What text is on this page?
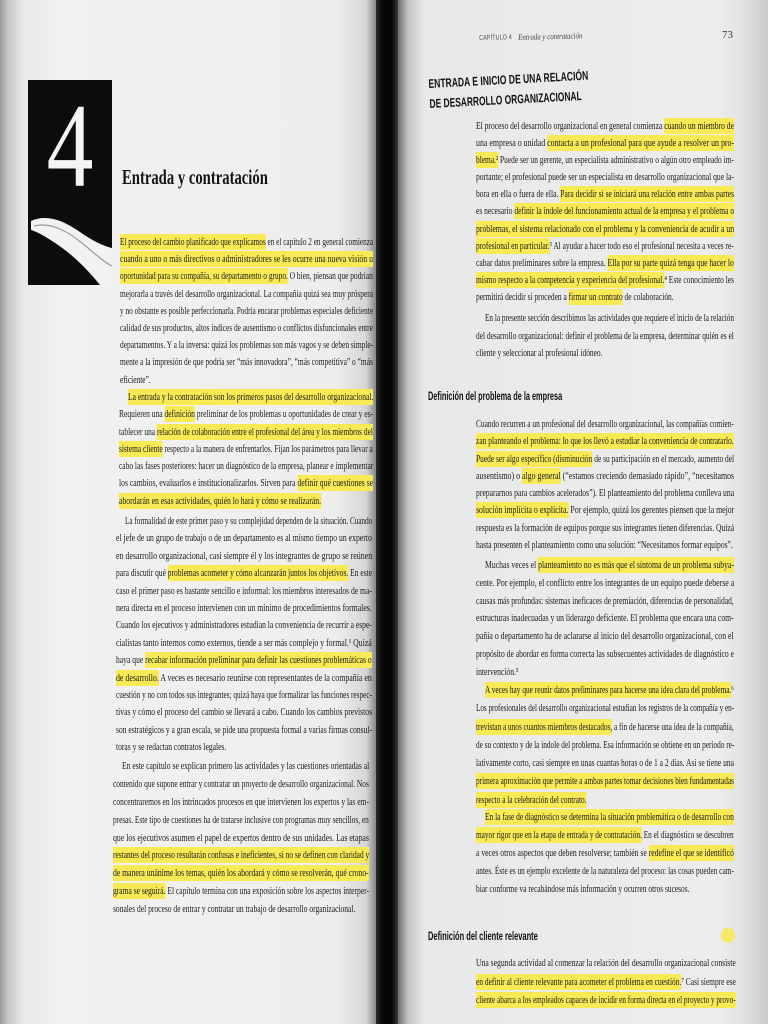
4 Entrada y contratación
El proceso del cambio planificado que explicamos en el capítulo 2 en general comienza
cuando a uno o más directivos o administradores se les ocurre una nueva visión u
oportunidad para su compañía, su departamento o grupo. O bien, piensan que podrían
mejorarla a través del desarrollo organizacional. La compañía quizá sea muy próspera
y no obstante es posible perfeccionarla. Podría encarar problemas especiales deficiente
calidad de sus productos, altos índices de ausentismo o conflictos disfuncionales entre
departamentos. Y a la inversa: quizá los problemas son más vagos y se deben simple-
mente a la impresión de que podría ser “más innovadora”, “más competitiva” o “más
eficiente”.
La entrada y la contratación son los primeros pasos del desarrollo organizacional.
Requieren una definición preliminar de los problemas u oportunidades de crear y es-
tablecer una relación de colaboración entre el profesional del área y los miembros del
sistema cliente respecto a la manera de enfrentarlos. Fijan los parámetros para llevar a
cabo las fases posteriores: hacer un diagnóstico de la empresa, planear e implementar
los cambios, evaluarlos e institucionalizarlos. Sirven para definir qué cuestiones se
abordarán en esas actividades, quién lo hará y cómo se realizarán.
La formalidad de este primer paso y su complejidad dependen de la situación. Cuando
el jefe de un grupo de trabajo o de un departamento es al mismo tiempo un experto
en desarrollo organizacional, casi siempre él y los integrantes de grupo se reúnen
para discutir qué problemas acometer y cómo alcanzarán juntos los objetivos. En este
caso el primer paso es bastante sencillo e informal: los miembros interesados de ma-
nera directa en el proceso intervienen con un mínimo de procedimientos formales.
Cuando los ejecutivos y administradores estudian la conveniencia de recurrir a espe-
cialistas tanto internos como externos, tiende a ser más complejo y formal.¹ Quizá
haya que recabar información preliminar para definir las cuestiones problemáticas o
de desarrollo. A veces es necesario reunirse con representantes de la compañía en
cuestión y no con todos sus integrantes; quizá haya que formalizar las funciones respec-
tivas y cómo el proceso del cambio se llevará a cabo. Cuando los cambios previstos
son estratégicos y a gran escala, se pide una propuesta formal a varias firmas consul-
toras y se redactan contratos legales.
En este capítulo se explican primero las actividades y las cuestiones orientadas al
contenido que supone entrar y contratar un proyecto de desarrollo organizacional. Nos
concentraremos en los intrincados procesos en que intervienen los expertos y las em-
presas. Este tipo de cuestiones ha de tratarse inclusive con programas muy sencillos, en
que los ejecutivos asumen el papel de expertos dentro de sus unidades. Las etapas
restantes del proceso resultarán confusas e ineficientes, si no se definen con claridad y
de manera unánime los temas, quién los abordará y cómo se resolverán, qué crono-
grama se seguirá. El capítulo termina con una exposición sobre los aspectos interper-
sonales del proceso de entrar y contratar un trabajo de desarrollo organizacional.
CAPÍTULO 4 Entrada y contratación	73
ENTRADA E INICIO DE UNA RELACIÓN
DE DESARROLLO ORGANIZACIONAL
El proceso del desarrollo organizacional en general comienza cuando un miembro de
una empresa o unidad contacta a un profesional para que ayude a resolver un pro-
blema.² Puede ser un gerente, un especialista administrativo o algún otro empleado im-
portante; el profesional puede ser un especialista en desarrollo organizacional que la-
bora en ella o fuera de ella. Para decidir si se iniciará una relación entre ambas partes
es necesario definir la índole del funcionamiento actual de la empresa y el problema o
problemas, el sistema relacionado con el problema y la conveniencia de acudir a un
profesional en particular.³ Al ayudar a hacer todo eso el profesional necesita a veces re-
cabar datos preliminares sobre la empresa. Ella por su parte quizá tenga que hacer lo
mismo respecto a la competencia y experiencia del profesional.⁴ Este conocimiento les
permitirá decidir si proceden a firmar un contrato de colaboración.
En la presente sección describimos las actividades que requiere el inicio de la relación
del desarrollo organizacional: definir el problema de la empresa, determinar quién es el
cliente y seleccionar al profesional idóneo.
Definición del problema de la empresa
Cuando recurren a un profesional del desarrollo organizacional, las compañías comien-
zan planteando el problema: lo que los llevó a estudiar la conveniencia de contratarlo.
Puede ser algo específico (disminución de su participación en el mercado, aumento del
ausentismo) o algo general (“estamos creciendo demasiado rápido”, “necesitamos
prepararnos para cambios acelerados”). El planteamiento del problema conlleva una
solución implícita o explícita. Por ejemplo, quizá los gerentes piensen que la mejor
respuesta es la formación de equipos porque sus integrantes tienen diferencias. Quizá
hasta presenten el planteamiento como una solución: “Necesitamos formar equipos”.
Muchas veces el planteamiento no es más que el síntoma de un problema subya-
cente. Por ejemplo, el conflicto entre los integrantes de un equipo puede deberse a
causas más profundas: sistemas ineficaces de premiación, diferencias de personalidad,
estructuras inadecuadas y un liderazgo deficiente. El problema que encara una com-
pañía o departamento ha de aclararse al inicio del desarrollo organizacional, con el
propósito de abordar en forma correcta las subsecuentes actividades de diagnóstico e
intervención.⁵
A veces hay que reunir datos preliminares para hacerse una idea clara del problema.⁶
Los profesionales del desarrollo organizacional estudian los registros de la compañía y en-
trevistan a unos cuantos miembros destacados, a fin de hacerse una idea de la compañía,
de su contexto y de la índole del problema. Esa información se obtiene en un periodo re-
lativamente corto, casi siempre en unas cuantas horas o de 1 a 2 días. Así se tiene una
primera aproximación que permite a ambas partes tomar decisiones bien fundamentadas
respecto a la celebración del contrato.
En la fase de diagnóstico se determina la situación problemática o de desarrollo con
mayor rigor que en la etapa de entrada y de contratación. En el diagnóstico se descubren
a veces otros aspectos que deben resolverse; también se redefine el que se identificó
antes. Éste es un ejemplo excelente de la naturaleza del proceso: las cosas pueden cam-
biar conforme va recabándose más información y ocurren otros sucesos.
Definición del cliente relevante
Una segunda actividad al comenzar la relación del desarrollo organizacional consiste
en definir al cliente relevante para acometer el problema en cuestión.⁷ Casi siempre ese
cliente abarca a los empleados capaces de incidir en forma directa en el proyecto y provo-
